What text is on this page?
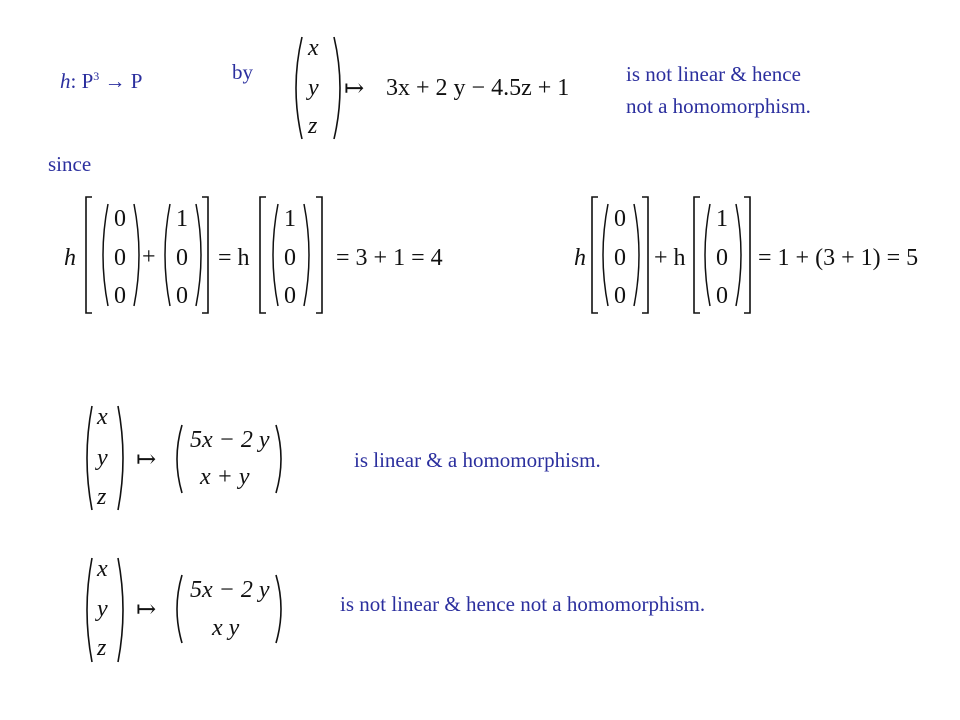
h: $P^3 \to P$	by
x
y
z
↦ 3x + 2 y − 4.5z + 1
is not linear & hence
not a homomorphism.
since
h
0
0
0
+
1
0
0
= h
1
0
0
= 3 + 1 = 4	h
0
0
0
+ h
1
0
0
= 1 + (3 + 1) = 5
x
y
z
↦
5x − 2 y
x + y
is linear & a homomorphism.
x
y
z
↦
5x − 2 y
x y
is not linear & hence not a homomorphism.
